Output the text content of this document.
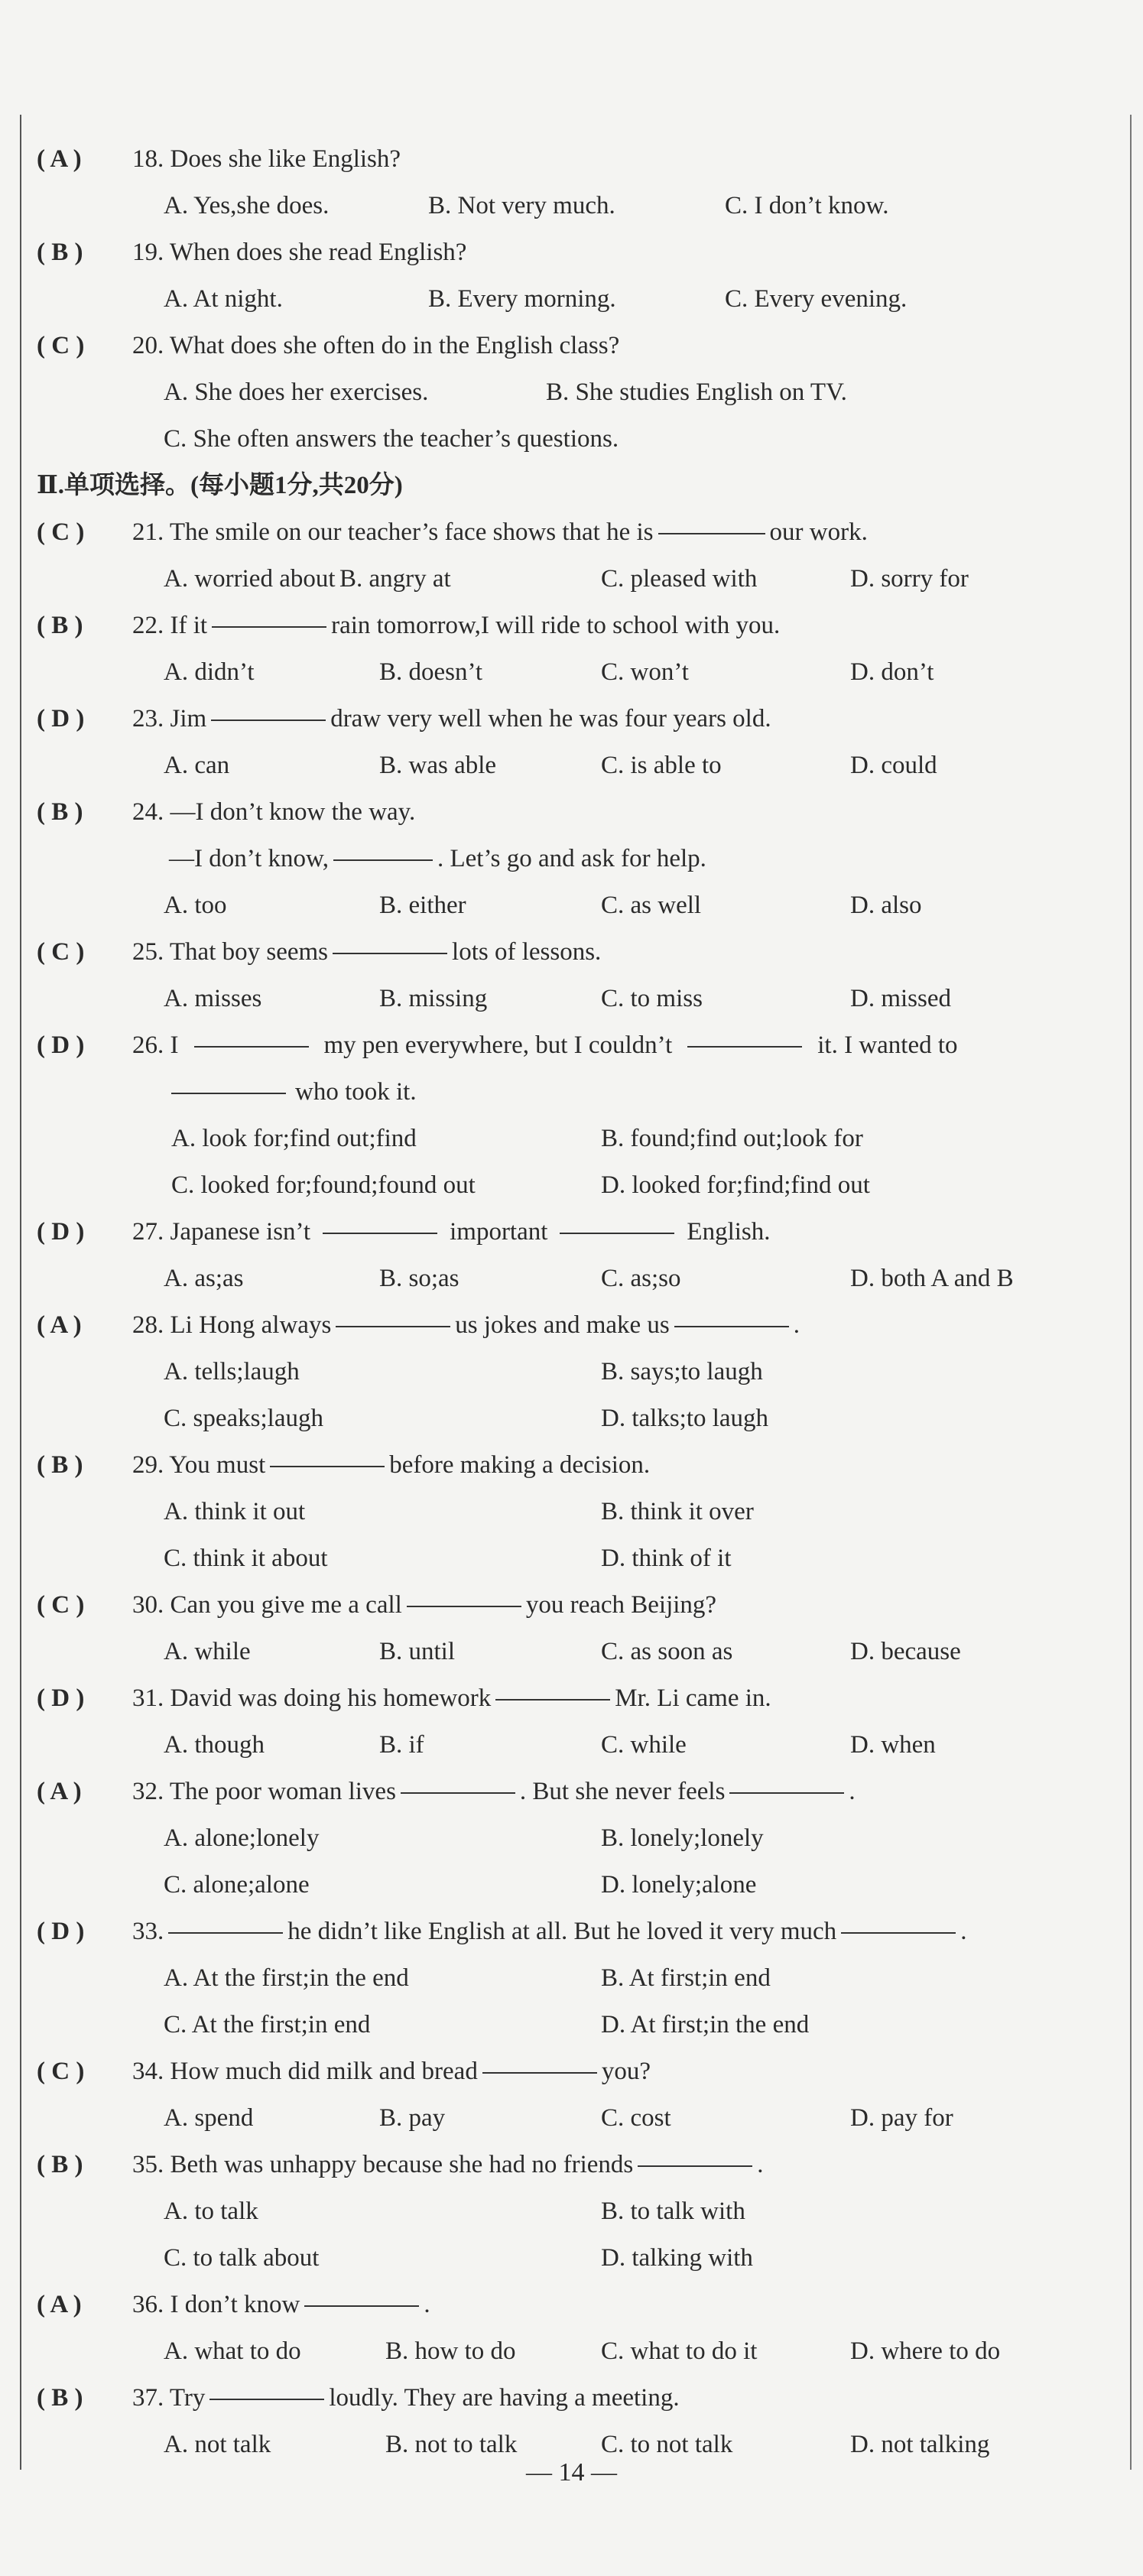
( A ) 18. Does she like English?
A. Yes,she does.	B. Not very much.	C. I don’t know.
( B ) 19. When does she read English?
A. At night.	B. Every morning.	C. Every evening.
( C ) 20. What does she often do in the English class?
A. She does her exercises.	B. She studies English on TV.
C. She often answers the teacher’s questions.
Ⅱ.单项选择。(每小题1分,共20分)
( C ) 21. The smile on our teacher’s face shows that he is	our work.
A. worried about B. angry at	C. pleased with	D. sorry for
( B ) 22. If it	rain tomorrow,I will ride to school with you.
A. didn’t	B. doesn’t	C. won’t	D. don’t
( D ) 23. Jim	draw very well when he was four years old.
A. can	B. was able	C. is able to	D. could
( B ) 24. —I don’t know the way.
—I don’t know,	. Let’s go and ask for help.
A. too	B. either	C. as well	D. also
( C ) 25. That boy seems	lots of lessons.
A. misses	B. missing	C. to miss	D. missed
( D ) 26. I	my pen everywhere, but I couldn’t	it. I wanted to
who took it.
A. look for;find out;find	B. found;find out;look for
C. looked for;found;found out	D. looked for;find;find out
( D ) 27. Japanese isn’t	important	English.
A. as;as	B. so;as	C. as;so	D. both A and B
( A ) 28. Li Hong always	us jokes and make us	.
A. tells;laugh	B. says;to laugh
C. speaks;laugh	D. talks;to laugh
( B ) 29. You must	before making a decision.
A. think it out	B. think it over
C. think it about	D. think of it
( C ) 30. Can you give me a call	you reach Beijing?
A. while	B. until	C. as soon as	D. because
( D ) 31. David was doing his homework	Mr. Li came in.
A. though	B. if	C. while	D. when
( A ) 32. The poor woman lives	. But she never feels	.
A. alone;lonely	B. lonely;lonely
C. alone;alone	D. lonely;alone
( D ) 33.	he didn’t like English at all. But he loved it very much	.
A. At the first;in the end	B. At first;in end
C. At the first;in end	D. At first;in the end
( C ) 34. How much did milk and bread	you?
A. spend	B. pay	C. cost	D. pay for
( B ) 35. Beth was unhappy because she had no friends	.
A. to talk	B. to talk with
C. to talk about	D. talking with
( A ) 36. I don’t know	.
A. what to do	B. how to do	C. what to do it	D. where to do
( B ) 37. Try	loudly. They are having a meeting.
A. not talk	B. not to talk	C. to not talk	D. not talking
— 14 —
